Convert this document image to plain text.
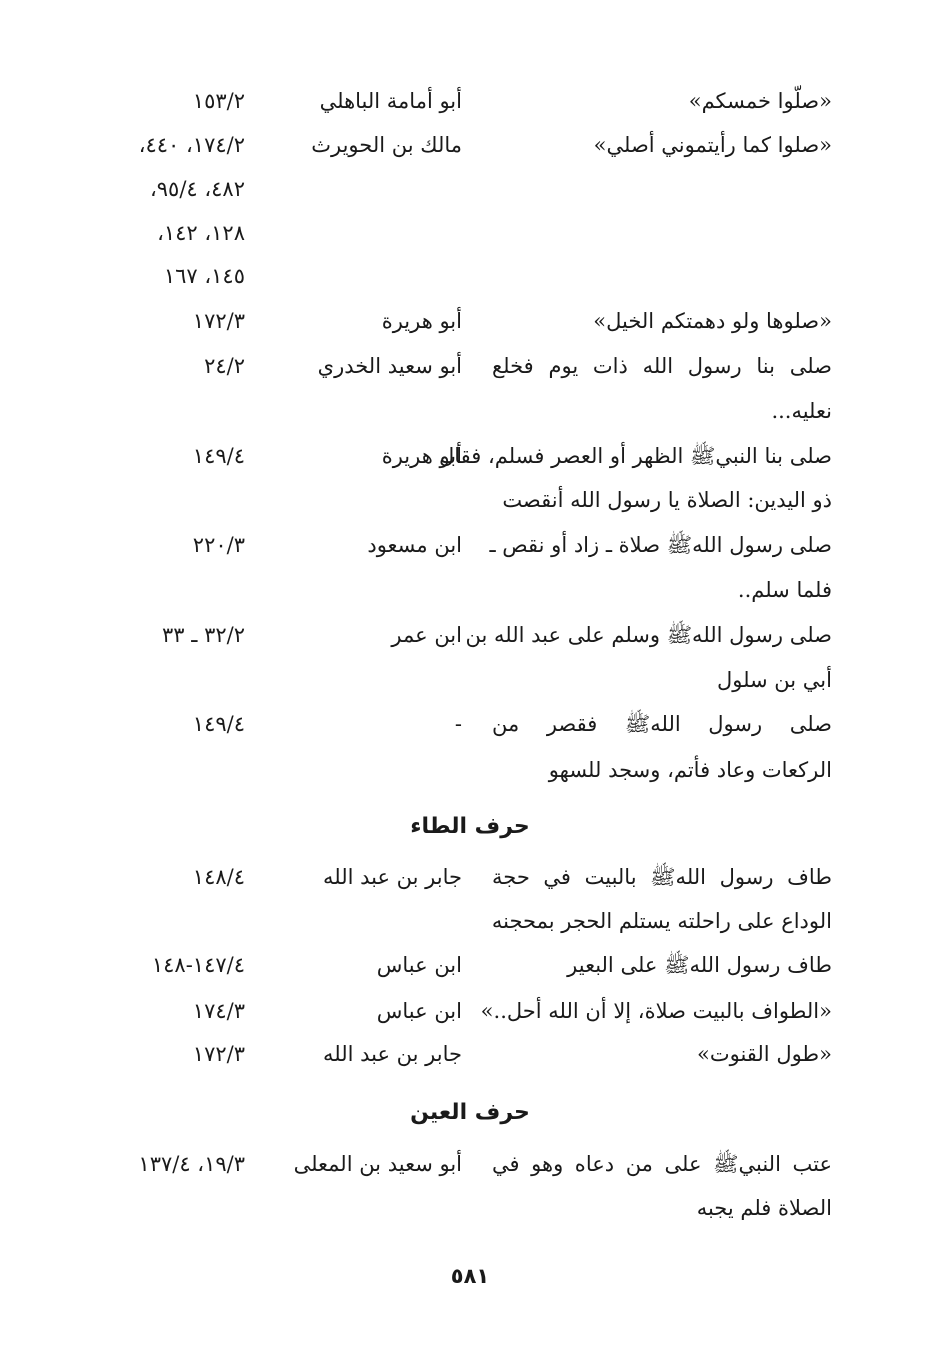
«صلّوا خمسكم»
أبو أمامة الباهلي
١٥٣/٢
«صلوا كما رأيتموني أصلي»
مالك بن الحويرث
١٧٤/٢، ٤٤٠،
٤٨٢، ٩٥/٤،
١٢٨، ١٤٢،
١٤٥، ١٦٧
«صلوها ولو دهمتكم الخيل»
أبو هريرة
١٧٢/٣
صلى بنا رسول الله ذات يوم فخلع
أبو سعيد الخدري
٢٤/٢
نعليه...
صلى بنا النبيﷺ الظهر أو العصر فسلم، فقال
أبو هريرة
١٤٩/٤
ذو اليدين: الصلاة يا رسول الله أنقصت
صلى رسول اللهﷺ صلاة ـ زاد أو نقص ـ
ابن مسعود
٢٢٠/٣
فلما سلم..
صلى رسول اللهﷺ وسلم على عبد الله بن
ابن عمر
٣٢/٢ ـ ٣٣
أبي بن سلول
صلى رسول اللهﷺ فقصر من
-
١٤٩/٤
الركعات وعاد فأتم، وسجد للسهو
حرف الطاء
طاف رسول اللهﷺ بالبيت في حجة
جابر بن عبد الله
١٤٨/٤
الوداع على راحلته يستلم الحجر بمحجنه
طاف رسول اللهﷺ على البعير
ابن عباس
١٤٧/٤-١٤٨
«الطواف بالبيت صلاة، إلا أن الله أحل..»
ابن عباس
١٧٤/٣
«طول القنوت»
جابر بن عبد الله
١٧٢/٣
حرف العين
عتب النبيﷺ على من دعاه وهو في
أبو سعيد بن المعلى
١٩/٣، ١٣٧/٤
الصلاة فلم يجبه
٥٨١
